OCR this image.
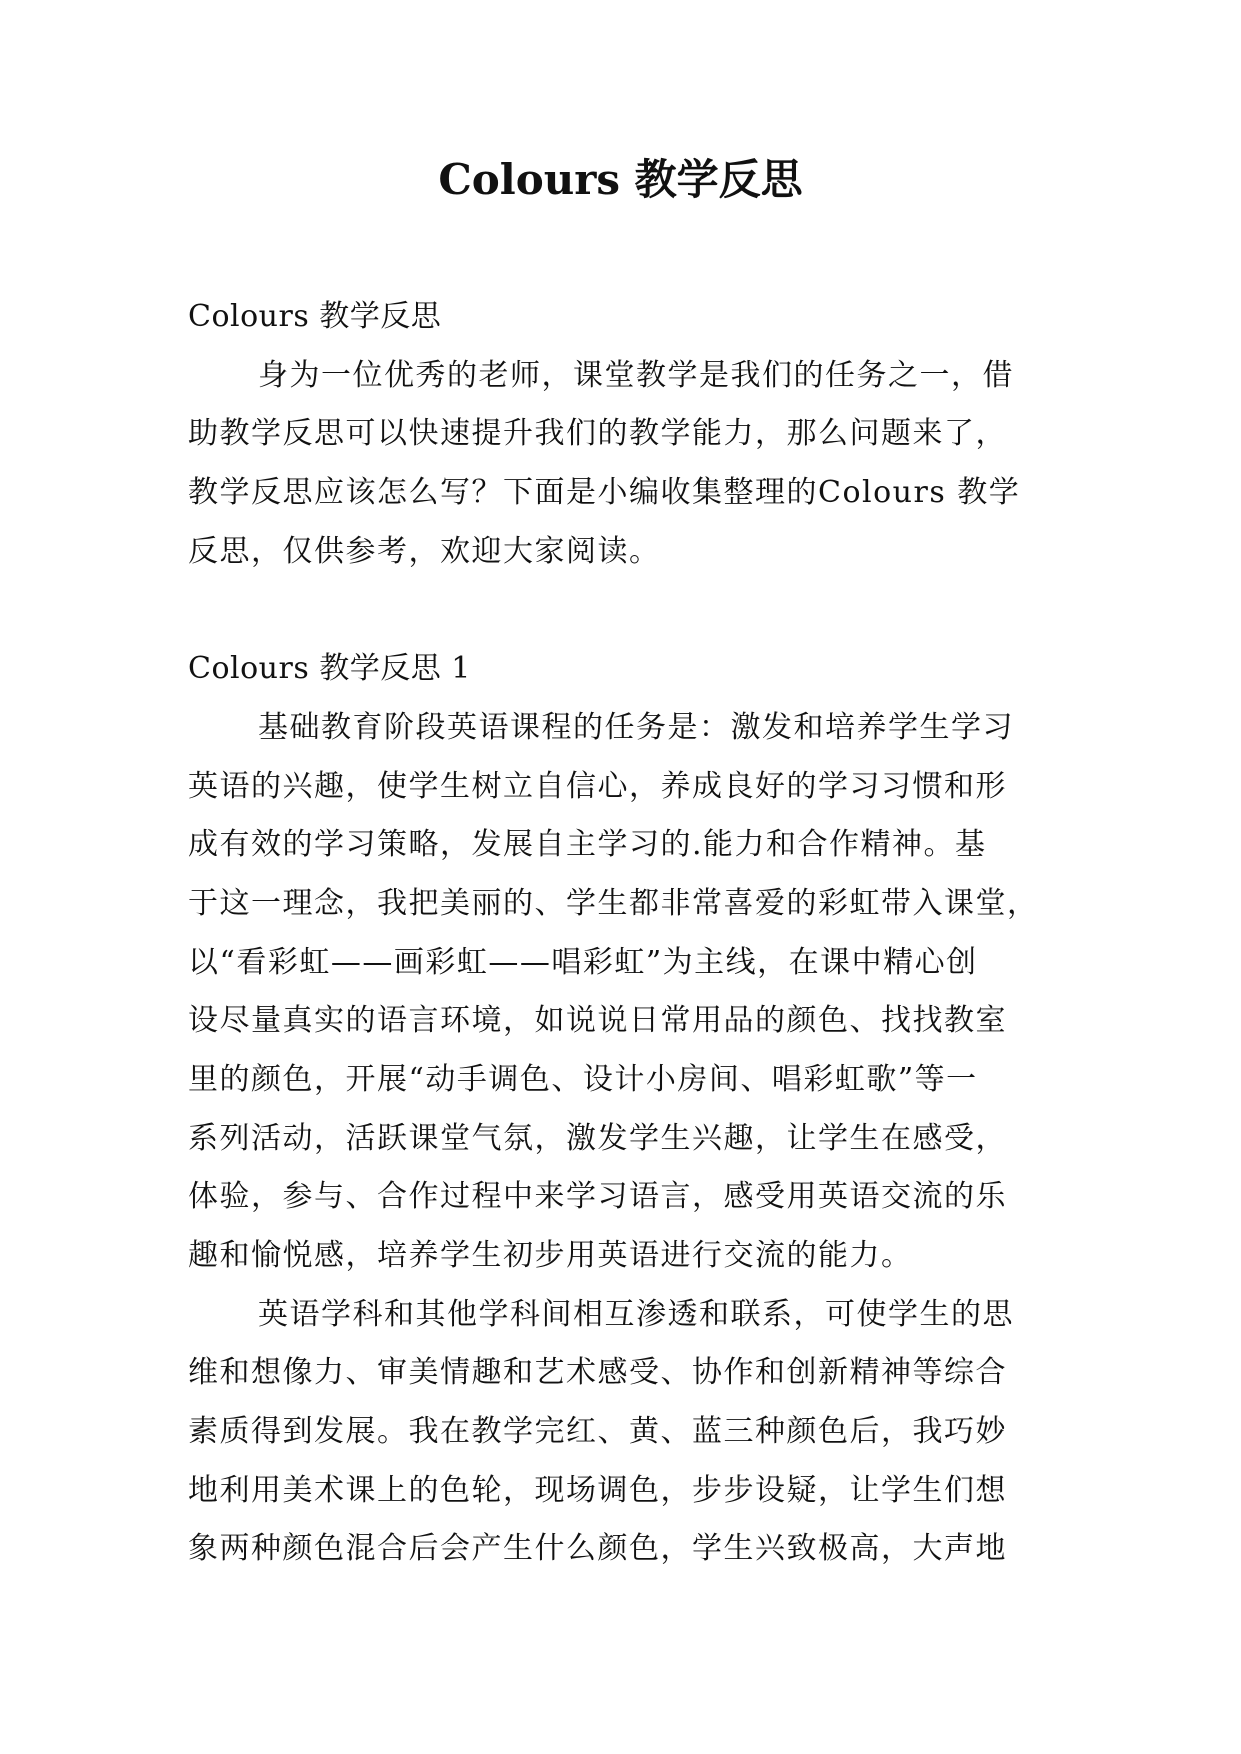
Colours 教学反思
Colours 教学反思
身为一位优秀的老师，课堂教学是我们的任务之一，借
助教学反思可以快速提升我们的教学能力，那么问题来了，
教学反思应该怎么写？下面是小编收集整理的Colours 教学
反思，仅供参考，欢迎大家阅读。
Colours 教学反思 1
基础教育阶段英语课程的任务是：激发和培养学生学习
英语的兴趣，使学生树立自信心，养成良好的学习习惯和形
成有效的学习策略，发展自主学习的.能力和合作精神。基
于这一理念，我把美丽的、学生都非常喜爱的彩虹带入课堂，
以“看彩虹——画彩虹——唱彩虹”为主线，在课中精心创
设尽量真实的语言环境，如说说日常用品的颜色、找找教室
里的颜色，开展“动手调色、设计小房间、唱彩虹歌”等一
系列活动，活跃课堂气氛，激发学生兴趣，让学生在感受，
体验，参与、合作过程中来学习语言，感受用英语交流的乐
趣和愉悦感，培养学生初步用英语进行交流的能力。
英语学科和其他学科间相互渗透和联系，可使学生的思
维和想像力、审美情趣和艺术感受、协作和创新精神等综合
素质得到发展。我在教学完红、黄、蓝三种颜色后，我巧妙
地利用美术课上的色轮，现场调色，步步设疑，让学生们想
象两种颜色混合后会产生什么颜色，学生兴致极高，大声地
